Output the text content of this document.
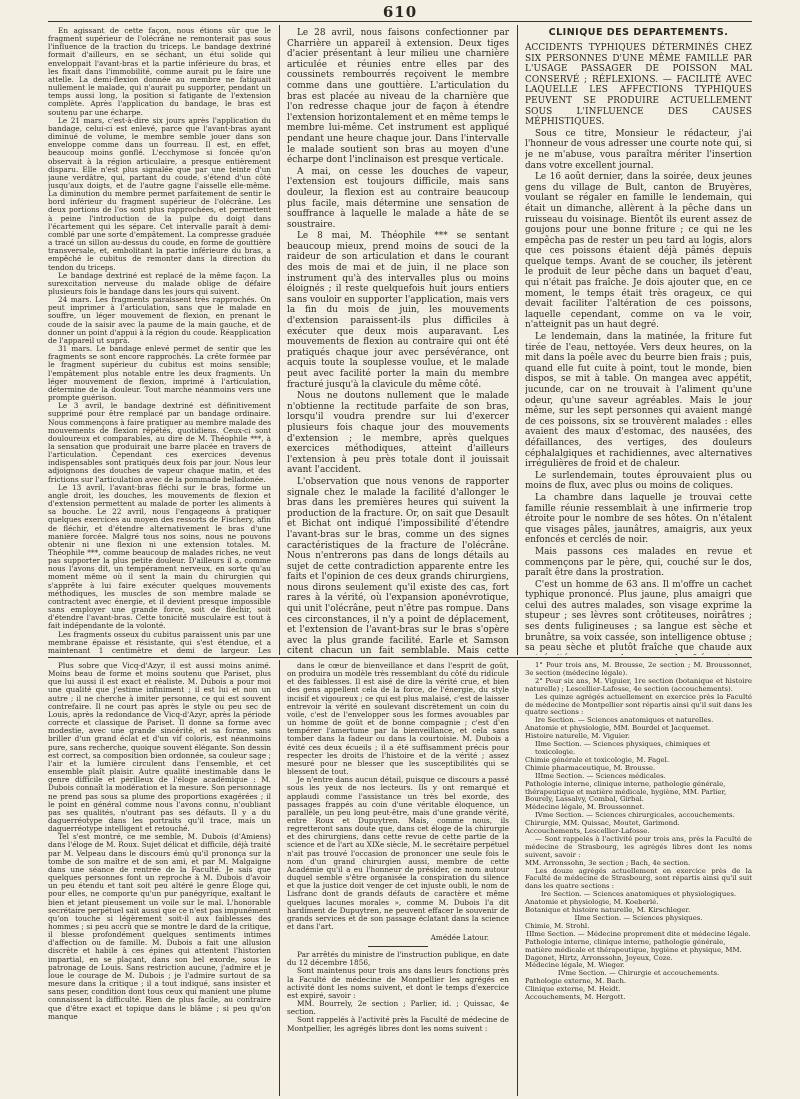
610

En agissant de cette façon, nous étions sûr que le fragment supérieur de l'olécrâne ne remonterait pas sous l'influence de la traction du triceps. Le bandage dextriné formait d'ailleurs, en se séchant, un étui solide qui enveloppait l'avant-bras et la partie inférieure du bras, et les fixait dans l'immobilité, comme aurait pu le faire une attelle. La demi-flexion donnée au membre ne fatiguait nullement le malade, qui n'aurait pu supporter, pendant un temps aussi long, la position si fatigante de l'extension complète. Après l'application du bandage, le bras est soutenu par une écharpe.

Le 21 mars, c'est-à-dire six jours après l'application du bandage, celui-ci est enlevé, parce que l'avant-bras ayant diminué de volume, le membre semble jouer dans son enveloppe comme dans un fourreau. Il est, en effet, beaucoup moins gonflé. L'ecchymose si foncée qu'on observait à la région articulaire, a presque entièrement disparu. Elle n'est plus signalée que par une teinte d'un jaune verdâtre, qui, partant du coude, s'étend d'un côté jusqu'aux doigts, et de l'autre gagne l'aisselle elle-même. La diminution du membre permet parfaitement de sentir le bord inférieur du fragment supérieur de l'olécrâne. Les deux portions de l'os sont plus rapprochées, et permettent à peine l'introduction de la pulpe du doigt dans l'écartement qui les sépare. Cet intervalle paraît à demi-comblé par une sorte d'empâtement. La compresse graduée a tracé un sillon au-dessus du coude, en forme de gouttière transversale, et, embolitant la partie inférieure du bras, a empêché le cubitus de remonter dans la direction du tendon du triceps.

Le bandage dextriné est replacé de la même façon. La surexcitation nerveuse du malade oblige de défaire plusieurs fois le bandage dans les jours qui suivent.

24 mars. Les fragments paraissent très rapprochés. On peut imprimer à l'articulation, sans que le malade en souffre, un léger mouvement de flexion, en prenant le coude de la saisir avec la paume de la main gauche, et de donner un point d'appui à la région du coude. Réapplication de l'appareil ut suprà.

31 mars. Le bandage enlevé permet de sentir que les fragments se sont encore rapprochés. La crête formée par le fragment supérieur du cubitus est moins sensible; l'empâtement plus notable entre les deux fragments. Un léger mouvement de flexion, imprimé à l'articulation, détermine de la douleur. Tout marche néanmoins vers une prompte guérison.

Le 3 avril, le bandage dextriné est définitivement supprimé pour être remplacé par un bandage ordinaire. Nous commençons à faire pratiquer au membre malade des mouvements de flexion répétés, quotidiens. Ceux-ci sont douloureux et comparables, au dire de M. Théophile ***, à la sensation que produirait une barre placée en travers de l'articulation. Cependant ces exercices devenus indispensables sont pratiqués deux fois par jour. Nous leur adjoignons des douches de vapeur chaque matin, et des frictions sur l'articulation avec de la pommade belladonée.

Le 13 avril, l'avant-bras fléchi sur le bras, forme un angle droit, les douches, les mouvements de flexion et d'extension permettent au malade de porter les aliments à sa bouche. Le 22 avril, nous l'engageons à pratiquer quelques exercices au moyen des ressorts de Fischery, afin de fléchir, et d'étendre alternativement le bras d'une manière forcée. Malgré tous nos soins, nous ne pouvons obtenir ni une flexion ni une extension totales. M. Théophile ***, comme beaucoup de malades riches, ne veut pas supporter la plus petite douleur. D'ailleurs il a, comme nous l'avons dit, un tempérament nerveux, en sorte qu'au moment même où il sent la main du chirurgien qui s'apprête à lui faire exécuter quelques mouvements méthodiques, les muscles de son membre malade se contractent avec énergie, et il devient presque impossible sans employer une grande force, soit de fléchir, soit d'étendre l'avant-bras. Cette tonicité musculaire est tout à fait indépendante de la volonté.

Les fragments osseux du cubitus paraissent unis par une membrane épaisse et résistante, qui s'est étendue, et a maintenant 1 centimètre et demi de largeur. Les

Le 28 avril, nous faisons confectionner par Charrière un appareil à extension. Deux tiges d'acier présentant à leur milieu une charnière articulée et réunies entre elles par des coussinets rembourrés reçoivent le membre comme dans une gouttière. L'articulation du bras est placée au niveau de la charnière que l'on redresse chaque jour de façon à étendre l'extension horizontalement et en même temps le membre lui-même. Cet instrument est appliqué pendant une heure chaque jour. Dans l'intervalle le malade soutient son bras au moyen d'une écharpe dont l'inclinaison est presque verticale.

A mai, on cesse les douches de vapeur, l'extension est toujours difficile, mais sans douleur, la flexion est au contraire beaucoup plus facile, mais détermine une sensation de souffrance à laquelle le malade a hâte de se soustraire.

Le 8 mai, M. Théophile *** se sentant beaucoup mieux, prend moins de souci de la raideur de son articulation et dans le courant des mois de mai et de juin, il ne place son instrument qu'à des intervalles plus ou moins éloignés ; il reste quelquefois huit jours entiers sans vouloir en supporter l'application, mais vers la fin du mois de juin, les mouvements d'extension paraissent-ils plus difficiles à exécuter que deux mois auparavant. Les mouvements de flexion au contraire qui ont été pratiqués chaque jour avec persévérance, ont acquis toute la souplesse voulue, et le malade peut avec facilité porter la main du membre fracturé jusqu'à la clavicule du même côté.

Nous ne doutons nullement que le malade n'obtienne la rectitude parfaite de son bras, lorsqu'il voudra prendre sur lui d'exercer plusieurs fois chaque jour des mouvements d'extension ; le membre, après quelques exercices méthodiques, atteint d'ailleurs l'extension à peu près totale dont il jouissait avant l'accident.

L'observation que nous venons de rapporter signale chez le malade la facilité d'allonger le bras dans les premières heures qui suivent la production de la fracture. Or, on sait que Desault et Bichat ont indiqué l'impossibilité d'étendre l'avant-bras sur le bras, comme un des signes caractéristiques de la fracture de l'olécrâne. Nous n'entrerons pas dans de longs détails au sujet de cette contradiction apparente entre les faits et l'opinion de ces deux grands chirurgiens, nous dirons seulement qu'il existe des cas, fort rares à la vérité, où l'expansion aponévrotique, qui unit l'olécrâne, peut n'être pas rompue. Dans ces circonstances, il n'y a point de déplacement, et l'extension de l'avant-bras sur le bras s'opère avec la plus grande facilité. Earle et Samson citent chacun un fait semblable. Mais cette

CLINIQUE DES DÉPARTEMENTS.

ACCIDENTS TYPHIQUES DÉTERMINÉS CHEZ SIX PERSONNES D'UNE MÊME FAMILLE PAR L'USAGE PASSAGER DE POISSON MAL CONSERVÉ ; RÉFLEXIONS. — FACILITÉ AVEC LAQUELLE LES AFFECTIONS TYPHIQUES PEUVENT SE PRODUIRE ACTUELLEMENT SOUS L'INFLUENCE DES CAUSES MÉPHISTIQUES.

Sous ce titre, Monsieur le rédacteur, j'ai l'honneur de vous adresser une courte note qui, si je ne m'abuse, vous paraîtra mériter l'insertion dans votre excellent journal.

Le 16 août dernier, dans la soirée, deux jeunes gens du village de Bult, canton de Bruyères, voulant se régaler en famille le lendemain, qui était un dimanche, allèrent à la pêche dans un ruisseau du voisinage. Bientôt ils eurent assez de goujons pour une bonne friture ; ce qui ne les empêcha pas de rester un peu tard au logis, alors que ces poissons étaient déjà pâmés depuis quelque temps. Avant de se coucher, ils jetèrent le produit de leur pêche dans un baquet d'eau, qui n'était pas fraîche. Je dois ajouter que, en ce moment, le temps était très orageux, ce qui devait faciliter l'altération de ces poissons, laquelle cependant, comme on va le voir, n'atteignit pas un haut degré.

Le lendemain, dans la matinée, la friture fut tirée de l'eau, nettoyée. Vers deux heures, on la mit dans la poêle avec du beurre bien frais ; puis, quand elle fut cuite à point, tout le monde, bien dispos, se mit à table. On mangea avec appétit, jucunde, car on ne trouvait à l'aliment qu'une odeur, qu'une saveur agréables. Mais le jour même, sur les sept personnes qui avaient mangé de ces poissons, six se trouvèrent malades : elles avaient des maux d'estomac, des nausées, des défaillances, des vertiges, des douleurs céphalalgiques et rachidiennes, avec alternatives irrégulières de froid et de chaleur.

Le surlendemain, toutes éprouvaient plus ou moins de flux, avec plus ou moins de coliques.

La chambre dans laquelle je trouvai cette famille réunie ressemblait à une infirmerie trop étroite pour le nombre de ses hôtes. On n'étalent que visages pâles, jaunâtres, amaigris, aux yeux enfoncés et cerclés de noir.

Mais passons ces malades en revue et commençons par le père, qui, couché sur le dos, paraît être dans la prostration.

C'est un homme de 63 ans. Il m'offre un cachet typhique prononcé. Plus jaune, plus amaigri que celui des autres malades, son visage exprime la stupeur ; ses lèvres sont crôtiteuses, noirâtres ; ses dents fuligineuses ; sa langue est sèche et brunâtre, sa voix cassée, son intelligence obtuse ; sa peau sèche et plutôt fraîche que chaude aux

Plus sobre que Vicq-d'Azyr, il est aussi moins animé. Moins beau de forme et moins soutenu que Pariset, plus que lui aussi il est exact et réaliste. M. Dubois a pour moi une qualité que j'estime infiniment ; il est lui et non un autre ; il ne cherche à imiter personne, ce qui est souvent contrefaire. Il ne court pas après le style ou peu sec de Louis, après la redondance de Vicq-d'Azyr, après la période correcte et classique de Pariset. Il donne sa forme avec modestie, avec une grande sincérité, et sa forme, sans briller d'un grand éclat et d'un vif coloris, est néanmoins pure, sans recherche, quoique souvent élégante. Son dessin est correct, sa composition bien ordonnée, sa couleur sage ; l'air et la lumière circulent dans l'ensemble, et cet ensemble plaît plaisir. Autre qualité inestimable dans le genre difficile et périlleux de l'éloge académique : M. Dubois connaît la modération et la mesure. Son personnage ne prend pas sous sa plume des proportions exagérées ; il le point en général comme nous l'avons connu, n'oubliant pas ses qualités, n'outrant pas ses défauts. Il y a du daguerréotype dans les portraits qu'il trace, mais un daguerréotype intelligent et retouché.

Tel s'est montré, ce me semble, M. Dubois (d'Amiens) dans l'éloge de M. Roux. Sujet délicat et difficile, déjà traité par M. Velpeau dans le discours émù qu'il prononça sur la tombe de son maître et de son ami, et par M. Malgaigne dans une séance de rentrée de la Faculté. Je sais que quelques personnes font un reproche à M. Dubois d'avoir un peu étendu et tant soit peu altéré le genre Éloge qui, pour elles, ne comporte qu'un pur panégyrique, exaltant le bien et jetant pieusement un voile sur le mal. L'honorable secrétaire perpétuel sait aussi que ce n'est pas impunément qu'on touche si légèrement soit-il aux faiblesses des hommes ; si peu accrû que se montre le dard de la critique, il blesse profondément quelques sentiments intimes d'affection ou de famille. M. Dubois a fait une allusion discrète et habile à ces épines qui attentent l'historien impartial, en se plaçant, dans son bel exorde, sous le patronage de Louis. Sans restriction aucune, j'admire et je loue le courage de M. Dubois ; je l'admire surtout de sa mesure dans la critique ; il a tout indiqué, sans insister et sans peser, condition dont tous ceux qui manient une plume connaissent la difficulté. Rien de plus facile, au contraire que d'être exact et topique dans le blâme ; si peu qu'on manque

dans le cœur de bienveillance et dans l'esprit de goût, on produira un modèle très ressemblant du côté du ridicule et des faiblesses. Il est aisé de dire la vérité crue, et bien des gens appellent cela de la force, de l'énergie, du style incisif et vigoureux ; ce qui est plus malaisé, c'est de laisser entrevoir la vérité en soulevant discrètement un coin du voile, c'est de l'envelopper sous les formes avouables par un homme de goût et de bonne compagnie ; c'est d'en tempérer l'amertume par la bienveillance, et cela sans tomber dans la fadeur ou dans la courtoisie. M. Dubois a évité ces deux écueils ; il a été suffisamment précis pour respecter les droits de l'histoire et de la vérité ; assez mesuré pour ne blesser que les susceptibilités qui se blessent de tout.

Je n'entre dans aucun détail, puisque ce discours a passé sous les yeux de nos lecteurs. Ils y ont remarqué et applaudi comme l'assistance un très bel exorde, des passages frappés au coin d'une véritable éloquence, un parallèle, un peu long peut-être, mais d'une grande vérité, entre Roux et Dupuytren. Mais, comme nous, ils regretteront sans doute que, dans cet éloge de la chirurgie et des chirurgiens, dans cette revue de cette partie de la science et de l'art au XIXe siècle, M. le secrétaire perpétuel n'ait pas trouvé l'occasion de prononcer une seule fois le nom d'un grand chirurgien aussi, membre de cette Académie qu'il a eu l'honneur de présider, ce nom autour duquel semble s'être organisée la conspiration du silence et que la justice doit venger de cet injuste oubli, le nom de Lisfranc dont de grands défauts de caractère et même quelques lacunes morales », comme M. Dubois l'a dit hardiment de Dupuytren, ne peuvent effacer le souvenir de grands services et de son passage éclatant dans la science et dans l'art.

Amédée Latour.

Par arrêtés du ministre de l'instruction publique, en date du 12 décembre 1856,

Sont maintenus pour trois ans dans leurs fonctions près la Faculté de médecine de Montpellier les agrégés en activité dont les noms suivent, et dont le temps d'exercice est expiré, savoir :

MM. Bourrely, 2e section ; Parlier, id. ; Quissac, 4e section.

Sont rappelés à l'activité près la Faculté de médecine de Montpellier, les agrégés libres dont les noms suivent :

1° Pour trois ans, M. Brousse, 2e section ; M. Broussonnet, 3e section (médecine légale).
2° Pour six ans, M. Viguier, 1re section (botanique et histoire naturelle) ; Lescellier-Lafosse, 4e section (accouchements).
Les quinze agrégés actuellement en exercice près la Faculté de médecine de Montpellier sont répartis ainsi qu'il suit dans les quatre sections :
Ire Section. — Sciences anatomiques et naturelles.
Anatomie et physiologie, MM. Bourdel et Jacquemet.
Histoire naturelle, M. Viguier.
IIme Section. — Sciences physiques, chimiques et toxicologie.
Chimie générale et toxicologie, M. Fagel.
Chimie pharmaceutique, M. Brousse.
IIIme Section. — Sciences médicales.
Pathologie interne, clinique interne, pathologie générale, thérapeutique et matière médicale, hygiène, MM. Parlier, Bourely, Lassalvy, Combal, Girbal.
Médecine légale, M. Broussonnet.
IVme Section. — Sciences chirurgicales, accouchements.
Chirurgie, MM. Quissac, Moutet, Garimond.
Accouchements, Lescellier-Lafosse.
— Sont rappelés à l'activité pour trois ans, près la Faculté de médecine de Strasbourg, les agrégés libres dont les noms suivent, savoir :
MM. Arronssohn, 3e section ; Bach, 4e section.
Les douze agrégés actuellement en exercice près de la Faculté de médecine de Strasbourg, sont répartis ainsi qu'il suit dans les quatre sections :
Ire Section. — Sciences anatomiques et physiologiques.
Anatomie et physiologie, M. Koeberlé.
Botanique et histoire naturelle, M. Kirschleger.
IIme Section. — Sciences physiques.
Chimie, M. Strohl.
IIIme Section. — Médecine proprement dite et médecine légale.
Pathologie interne, clinique interne, pathologie générale, matière médicale et thérapeutique, hygiène et physique, MM. Dagonet, Hirtz, Arronssohn, Joyeux, Coze.
Médecine légale, M. Wieger.
IVme Section. — Chirurgie et accouchements.
Pathologie externe, M. Bach.
Clinique externe, M. Heidt.
Accouchements, M. Hergott.
